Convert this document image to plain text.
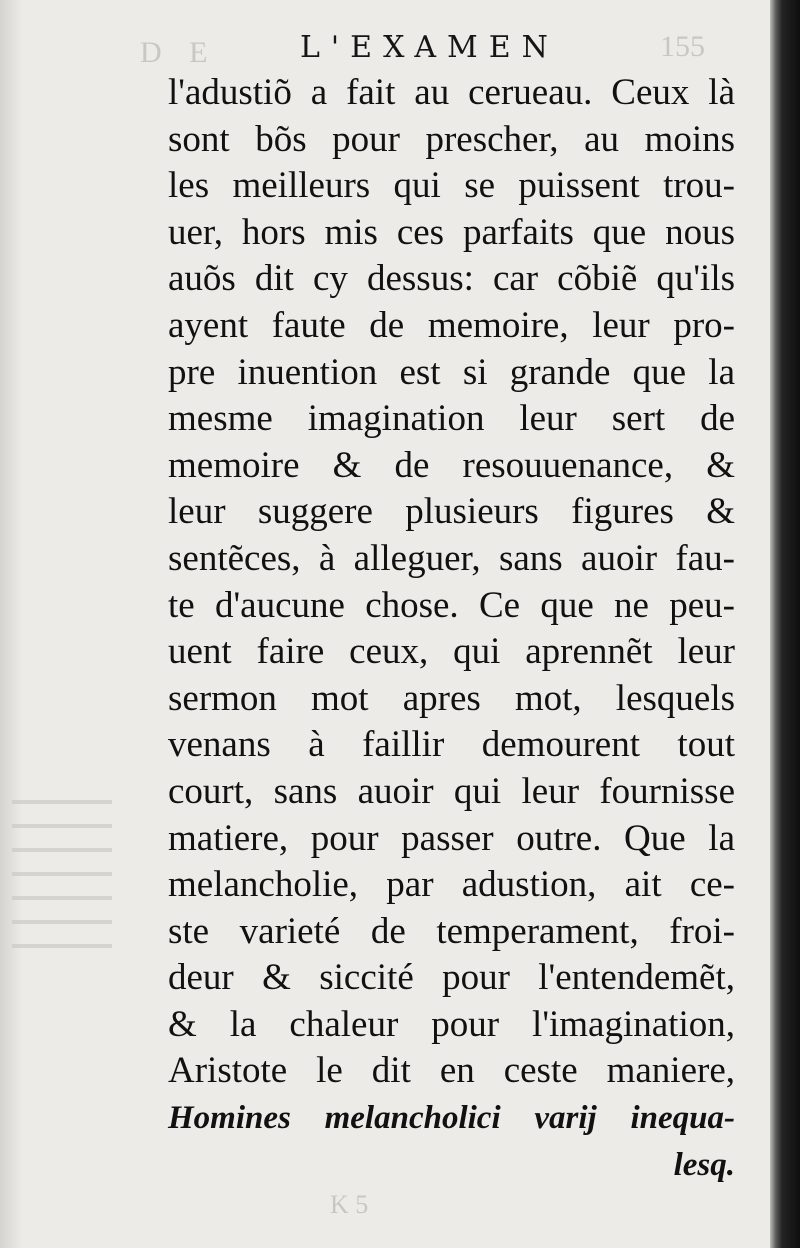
D E	155
K 5
L'EXAMEN
l'adustiõ a fait au cerueau. Ceux là
sont bõs pour prescher, au moins
les meilleurs qui se puissent trou-
uer, hors mis ces parfaits que nous
auõs dit cy dessus: car cõbiẽ qu'ils
ayent faute de memoire, leur pro-
pre inuention est si grande que la
mesme imagination leur sert de
memoire & de resouuenance, &
leur suggere plusieurs figures &
sentẽces, à alleguer, sans auoir fau-
te d'aucune chose. Ce que ne peu-
uent faire ceux, qui aprennẽt leur
sermon mot apres mot, lesquels
venans à faillir demourent tout
court, sans auoir qui leur fournisse
matiere, pour passer outre. Que la
melancholie, par adustion, ait ce-
ste varieté de temperament, froi-
deur & siccité pour l'entendemẽt,
& la chaleur pour l'imagination,
Aristote le dit en ceste maniere,
Homines melancholici varij inequa-
lesq.
